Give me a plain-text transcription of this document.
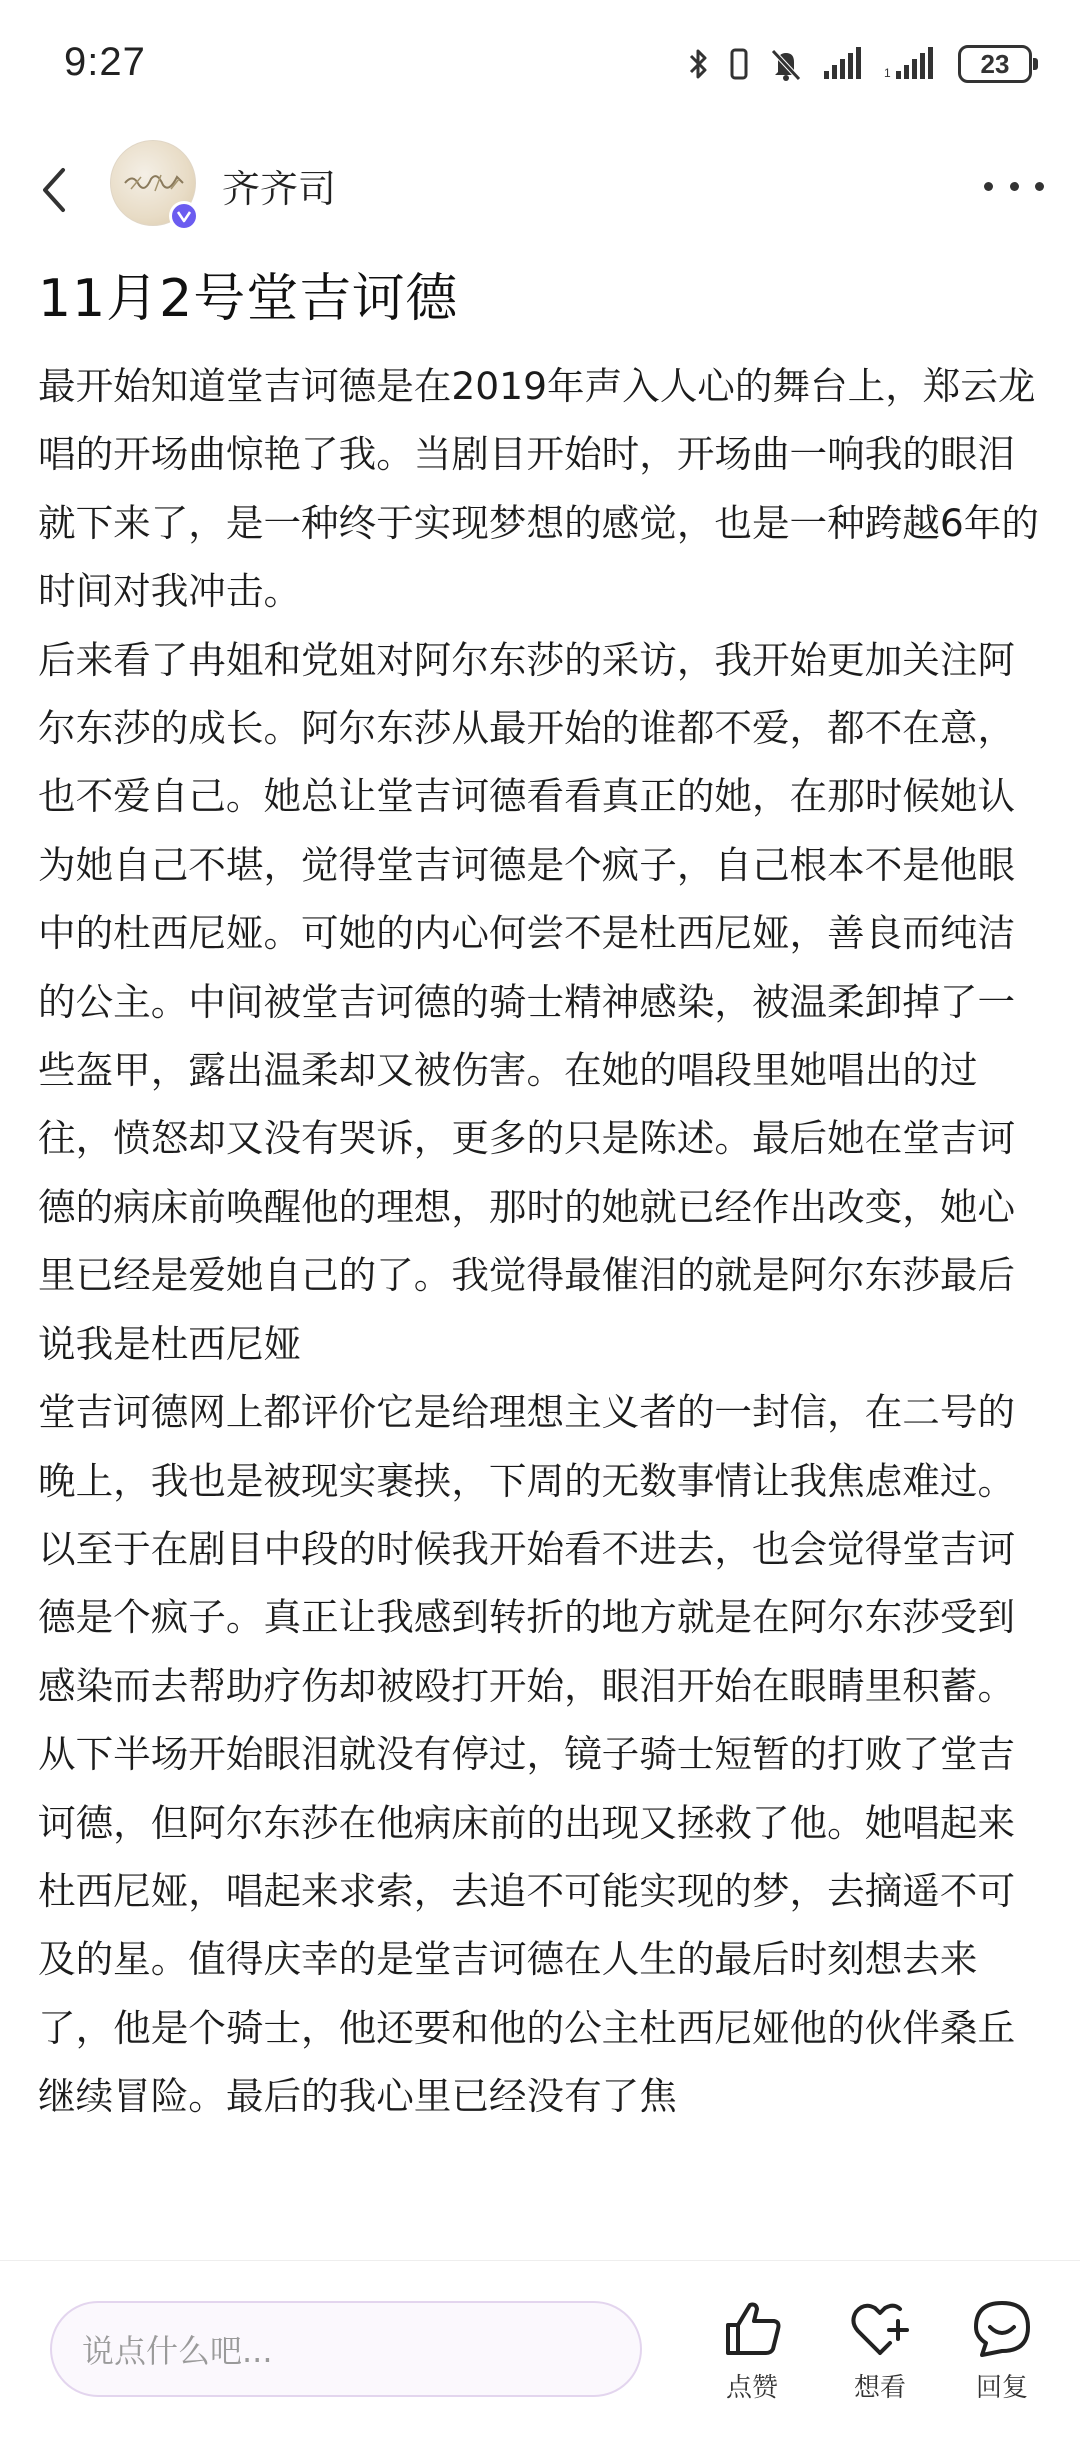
9:27	1	23
齐齐司
11月2号堂吉诃德

最开始知道堂吉诃德是在2019年声入人心的舞台上，郑云龙唱的开场曲惊艳了我。当剧目开始时，开场曲一响我的眼泪就下来了，是一种终于实现梦想的感觉，也是一种跨越6年的时间对我冲击。

后来看了冉姐和党姐对阿尔东莎的采访，我开始更加关注阿尔东莎的成长。阿尔东莎从最开始的谁都不爱，都不在意，也不爱自己。她总让堂吉诃德看看真正的她，在那时候她认为她自己不堪，觉得堂吉诃德是个疯子，自己根本不是他眼中的杜西尼娅。可她的内心何尝不是杜西尼娅，善良而纯洁的公主。中间被堂吉诃德的骑士精神感染，被温柔卸掉了一些盔甲，露出温柔却又被伤害。在她的唱段里她唱出的过往，愤怒却又没有哭诉，更多的只是陈述。最后她在堂吉诃德的病床前唤醒他的理想，那时的她就已经作出改变，她心里已经是爱她自己的了。我觉得最催泪的就是阿尔东莎最后说我是杜西尼娅

堂吉诃德网上都评价它是给理想主义者的一封信，在二号的晚上，我也是被现实裹挟，下周的无数事情让我焦虑难过。以至于在剧目中段的时候我开始看不进去，也会觉得堂吉诃德是个疯子。真正让我感到转折的地方就是在阿尔东莎受到感染而去帮助疗伤却被殴打开始，眼泪开始在眼睛里积蓄。从下半场开始眼泪就没有停过，镜子骑士短暂的打败了堂吉诃德，但阿尔东莎在他病床前的出现又拯救了他。她唱起来杜西尼娅，唱起来求索，去追不可能实现的梦，去摘遥不可及的星。值得庆幸的是堂吉诃德在人生的最后时刻想去来了，他是个骑士，他还要和他的公主杜西尼娅他的伙伴桑丘继续冒险。最后的我心里已经没有了焦

说点什么吧...
点赞	想看	回复
